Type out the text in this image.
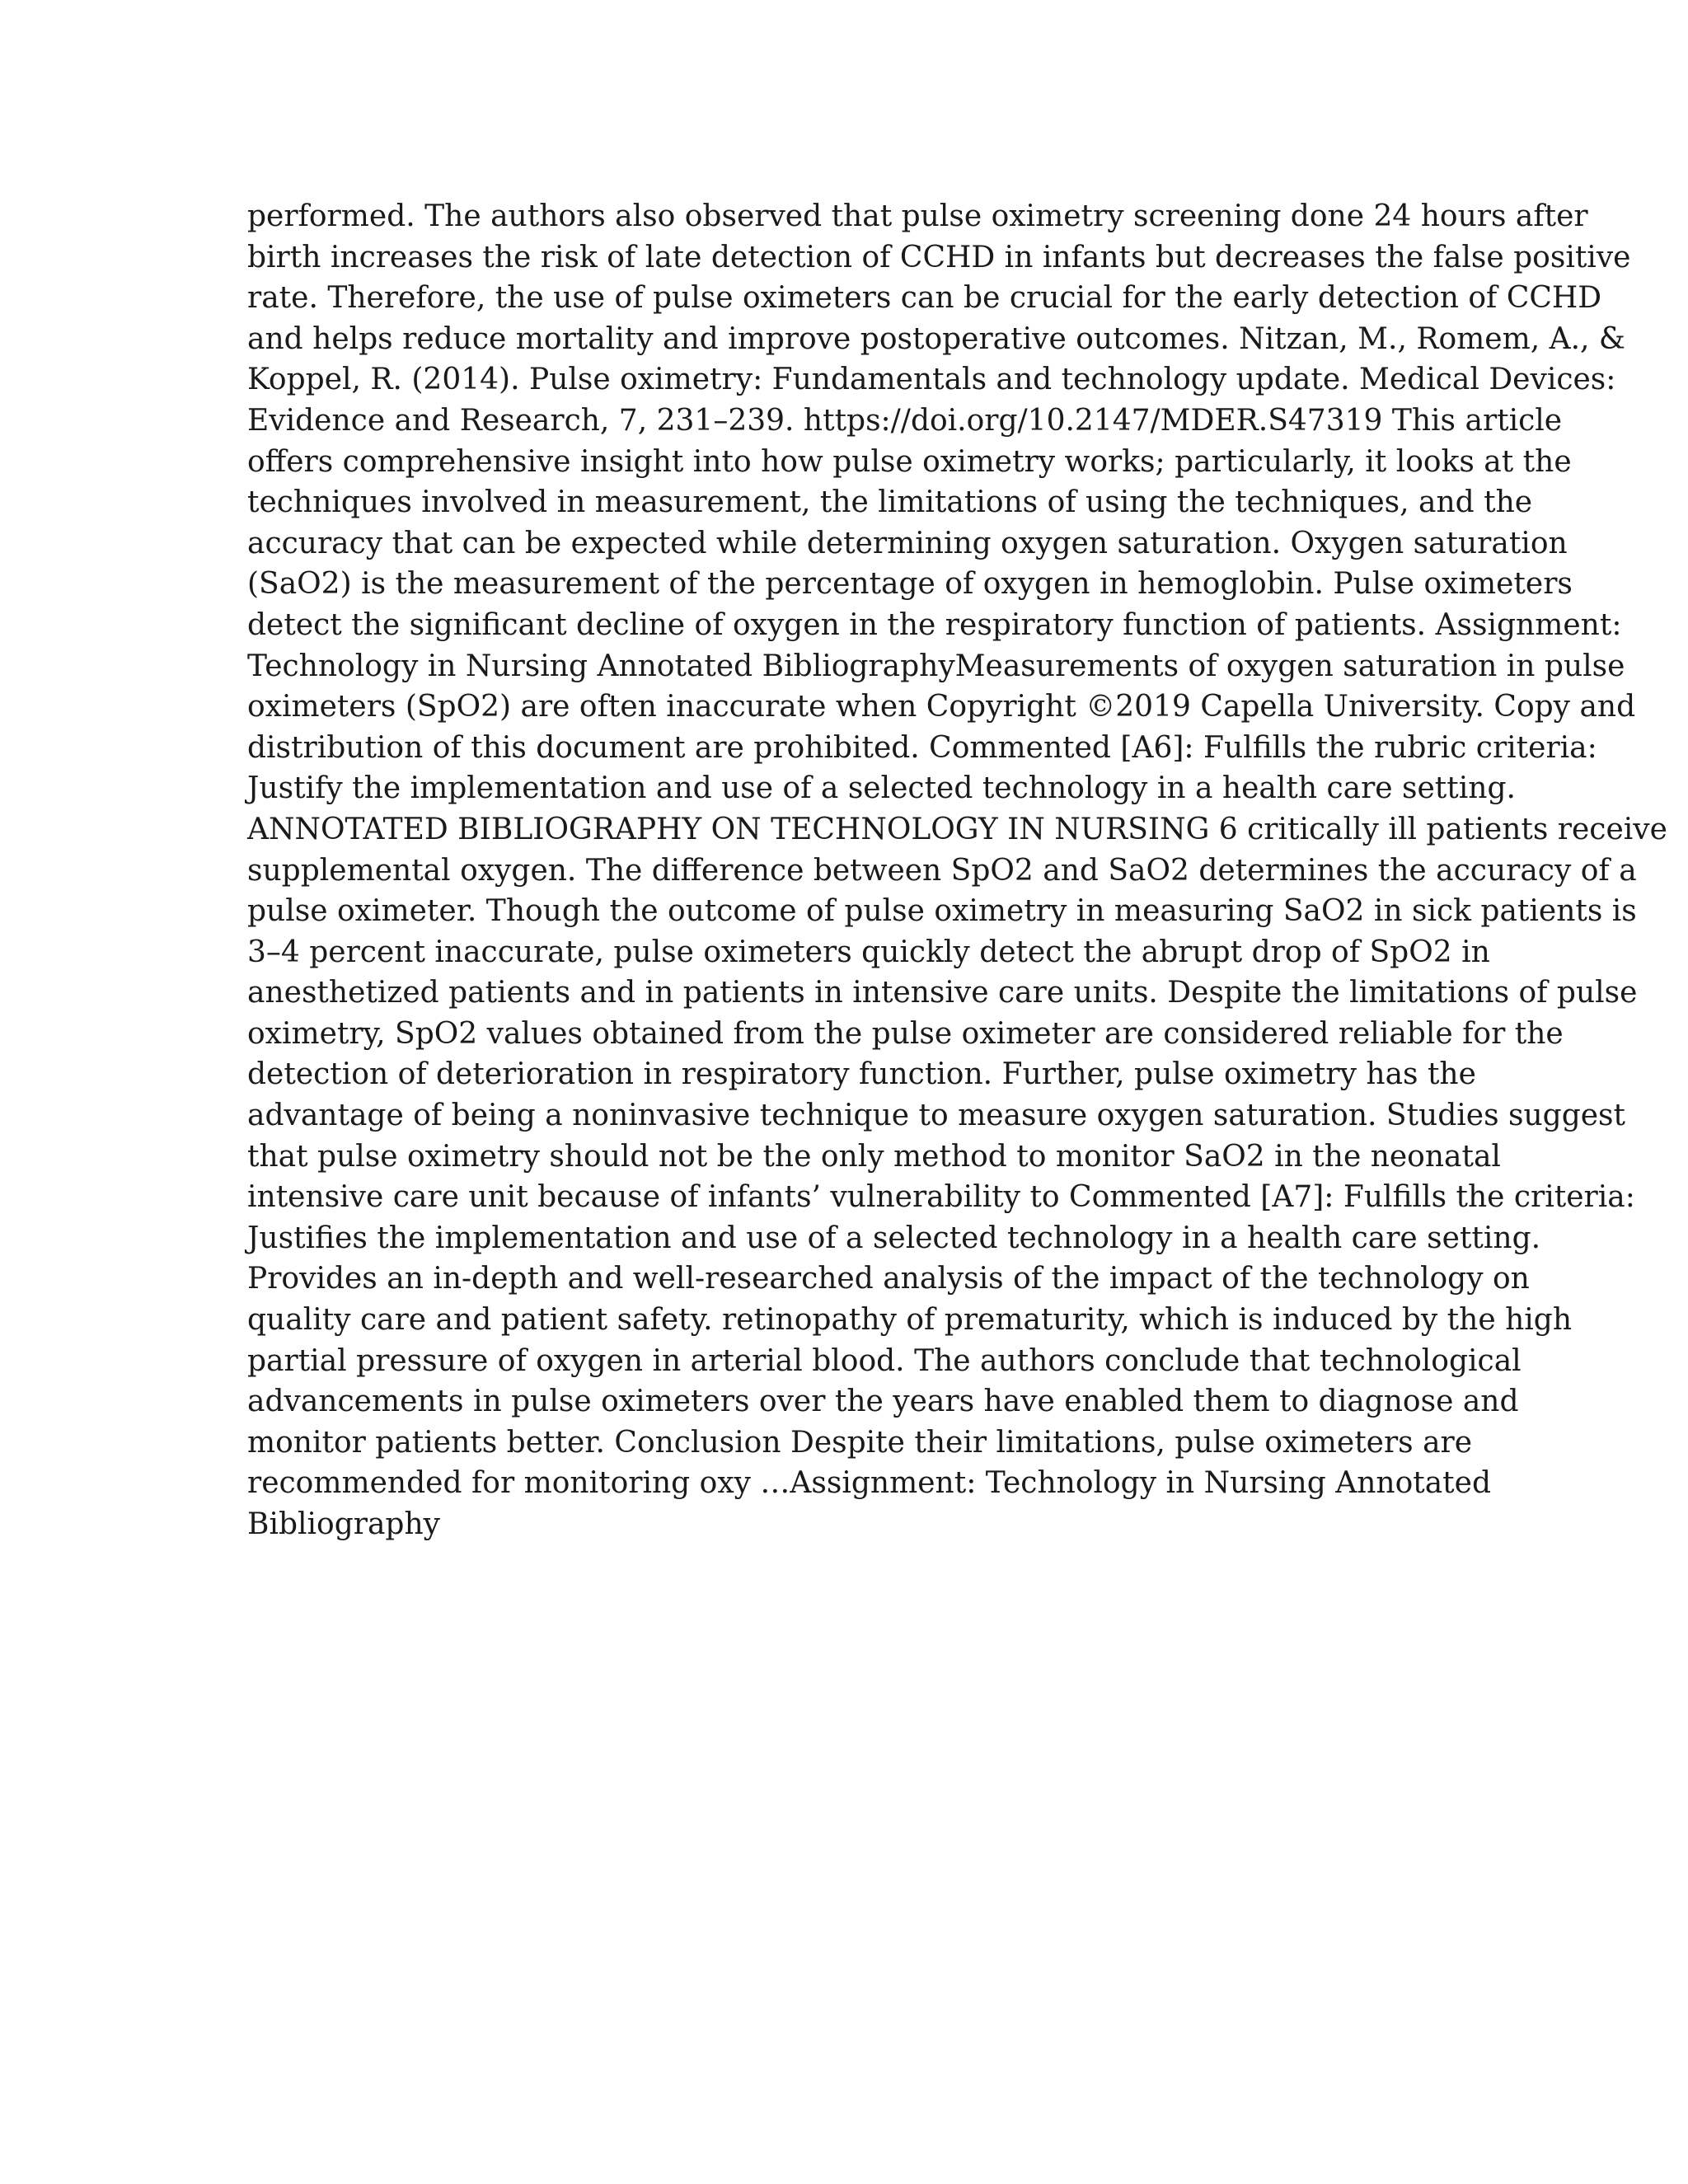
performed. The authors also observed that pulse oximetry screening done 24 hours after
birth increases the risk of late detection of CCHD in infants but decreases the false positive
rate. Therefore, the use of pulse oximeters can be crucial for the early detection of CCHD
and helps reduce mortality and improve postoperative outcomes. Nitzan, M., Romem, A., &
Koppel, R. (2014). Pulse oximetry: Fundamentals and technology update. Medical Devices:
Evidence and Research, 7, 231–239. https://doi.org/10.2147/MDER.S47319 This article
offers comprehensive insight into how pulse oximetry works; particularly, it looks at the
techniques involved in measurement, the limitations of using the techniques, and the
accuracy that can be expected while determining oxygen saturation. Oxygen saturation
(SaO2) is the measurement of the percentage of oxygen in hemoglobin. Pulse oximeters
detect the significant decline of oxygen in the respiratory function of patients. Assignment:
Technology in Nursing Annotated BibliographyMeasurements of oxygen saturation in pulse
oximeters (SpO2) are often inaccurate when Copyright ©2019 Capella University. Copy and
distribution of this document are prohibited. Commented [A6]: Fulfills the rubric criteria:
Justify the implementation and use of a selected technology in a health care setting.
ANNOTATED BIBLIOGRAPHY ON TECHNOLOGY IN NURSING 6 critically ill patients receive
supplemental oxygen. The difference between SpO2 and SaO2 determines the accuracy of a
pulse oximeter. Though the outcome of pulse oximetry in measuring SaO2 in sick patients is
3–4 percent inaccurate, pulse oximeters quickly detect the abrupt drop of SpO2 in
anesthetized patients and in patients in intensive care units. Despite the limitations of pulse
oximetry, SpO2 values obtained from the pulse oximeter are considered reliable for the
detection of deterioration in respiratory function. Further, pulse oximetry has the
advantage of being a noninvasive technique to measure oxygen saturation. Studies suggest
that pulse oximetry should not be the only method to monitor SaO2 in the neonatal
intensive care unit because of infants’ vulnerability to Commented [A7]: Fulfills the criteria:
Justifies the implementation and use of a selected technology in a health care setting.
Provides an in-depth and well-researched analysis of the impact of the technology on
quality care and patient safety. retinopathy of prematurity, which is induced by the high
partial pressure of oxygen in arterial blood. The authors conclude that technological
advancements in pulse oximeters over the years have enabled them to diagnose and
monitor patients better. Conclusion Despite their limitations, pulse oximeters are
recommended for monitoring oxy …Assignment: Technology in Nursing Annotated
Bibliography
